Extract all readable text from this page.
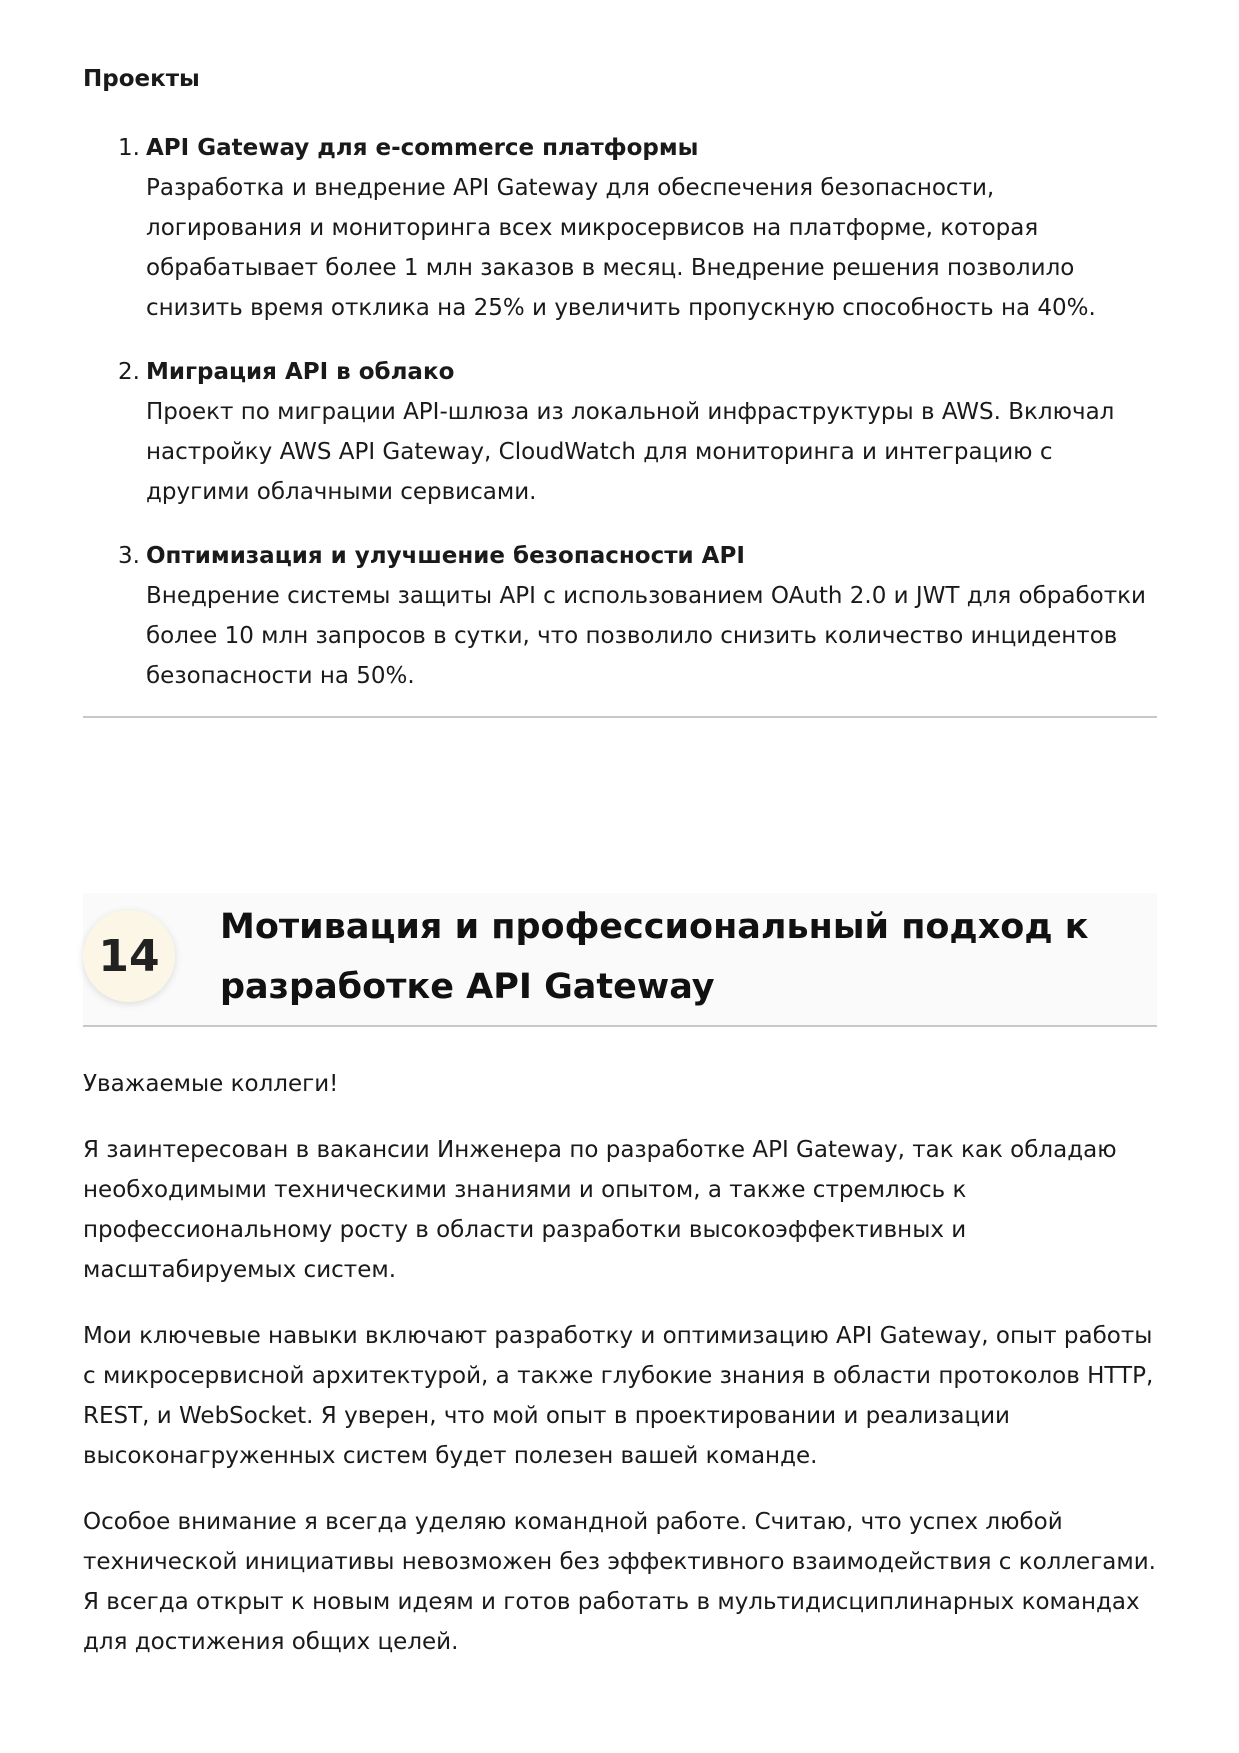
Проекты
1. API Gateway для e-commerce платформы

Разработка и внедрение API Gateway для обеспечения безопасности, логирования и мониторинга всех микросервисов на платформе, которая обрабатывает более 1 млн заказов в месяц. Внедрение решения позволило снизить время отклика на 25% и увеличить пропускную способность на 40%.

2. Миграция API в облако

Проект по миграции API-шлюза из локальной инфраструктуры в AWS. Включал настройку AWS API Gateway, CloudWatch для мониторинга и интеграцию с другими облачными сервисами.

3. Оптимизация и улучшение безопасности API

Внедрение системы защиты API с использованием OAuth 2.0 и JWT для обработки более 10 млн запросов в сутки, что позволило снизить количество инцидентов безопасности на 50%.

14
Мотивация и профессиональный подход к разработке API Gateway

Уважаемые коллеги!

Я заинтересован в вакансии Инженера по разработке API Gateway, так как обладаю необходимыми техническими знаниями и опытом, а также стремлюсь к профессиональному росту в области разработки высокоэффективных и масштабируемых систем.

Мои ключевые навыки включают разработку и оптимизацию API Gateway, опыт работы с микросервисной архитектурой, а также глубокие знания в области протоколов HTTP, REST, и WebSocket. Я уверен, что мой опыт в проектировании и реализации высоконагруженных систем будет полезен вашей команде.

Особое внимание я всегда уделяю командной работе. Считаю, что успех любой технической инициативы невозможен без эффективного взаимодействия с коллегами. Я всегда открыт к новым идеям и готов работать в мультидисциплинарных командах для достижения общих целей.
